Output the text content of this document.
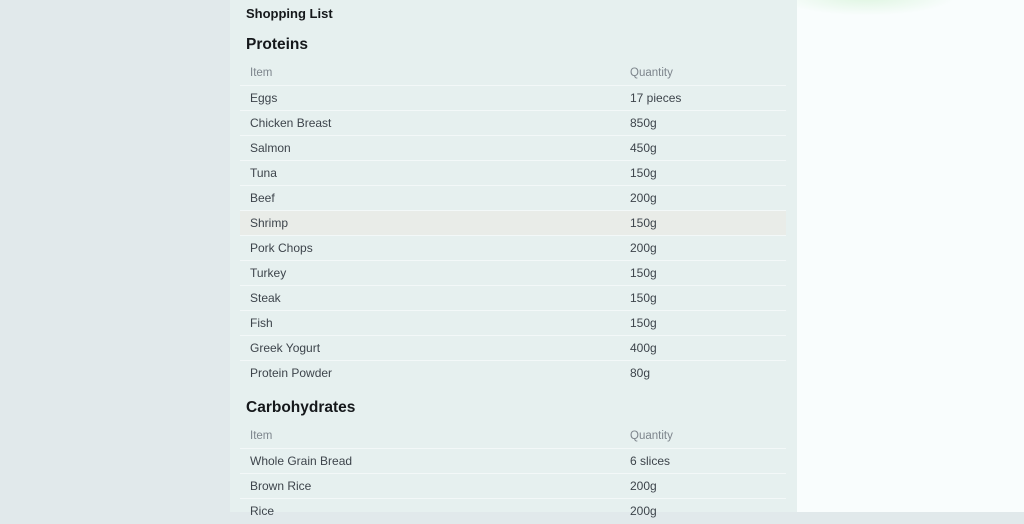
Shopping List
Proteins
Item	Quantity
Eggs	17 pieces
Chicken Breast	850g
Salmon	450g
Tuna	150g
Beef	200g
Shrimp	150g
Pork Chops	200g
Turkey	150g
Steak	150g
Fish	150g
Greek Yogurt	400g
Protein Powder	80g
Carbohydrates
Item	Quantity
Whole Grain Bread	6 slices
Brown Rice	200g
Rice	200g
